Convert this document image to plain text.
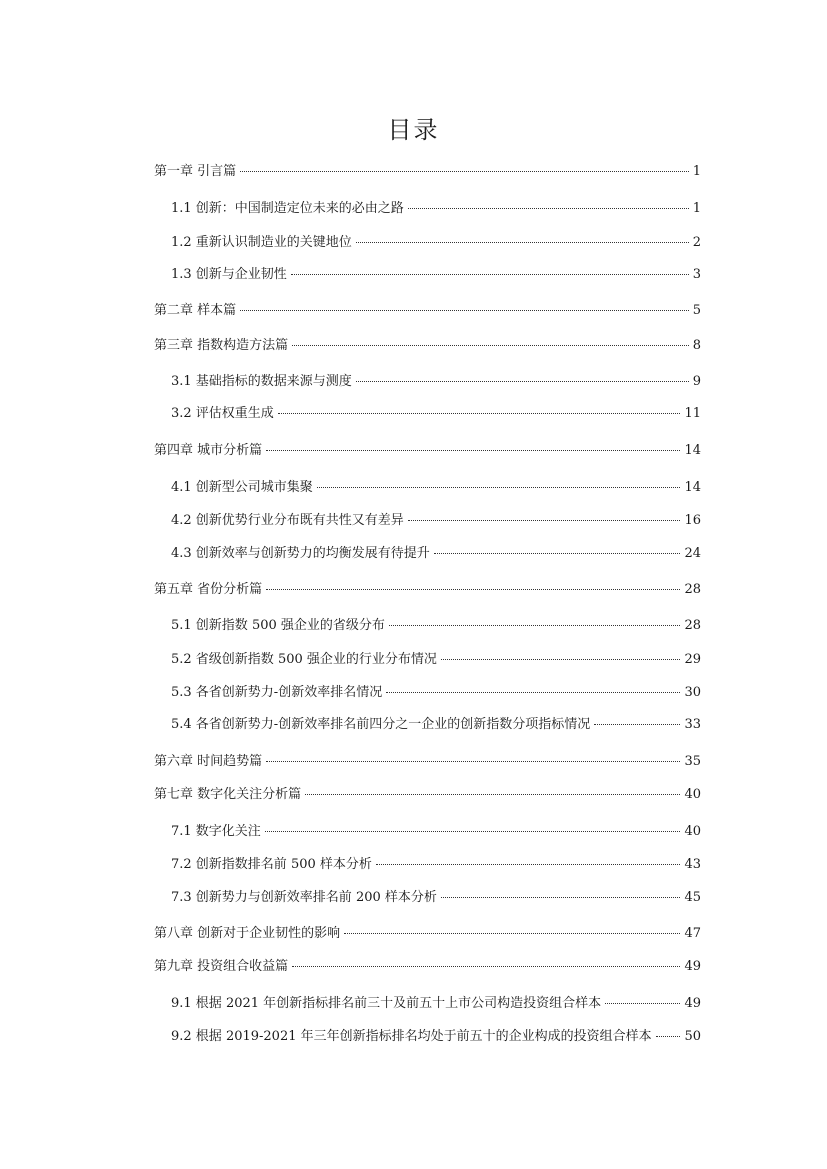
目录
第一章 引言篇	1
1.1 创新：中国制造定位未来的必由之路	1
1.2 重新认识制造业的关键地位	2
1.3 创新与企业韧性	3
第二章 样本篇	5
第三章 指数构造方法篇	8
3.1 基础指标的数据来源与测度	9
3.2 评估权重生成	11
第四章 城市分析篇	14
4.1 创新型公司城市集聚	14
4.2 创新优势行业分布既有共性又有差异	16
4.3 创新效率与创新势力的均衡发展有待提升	24
第五章 省份分析篇	28
5.1 创新指数 500 强企业的省级分布	28
5.2 省级创新指数 500 强企业的行业分布情况	29
5.3 各省创新势力-创新效率排名情况	30
5.4 各省创新势力-创新效率排名前四分之一企业的创新指数分项指标情况	33
第六章 时间趋势篇	35
第七章 数字化关注分析篇	40
7.1 数字化关注	40
7.2 创新指数排名前 500 样本分析	43
7.3 创新势力与创新效率排名前 200 样本分析	45
第八章 创新对于企业韧性的影响	47
第九章 投资组合收益篇	49
9.1 根据 2021 年创新指标排名前三十及前五十上市公司构造投资组合样本	49
9.2 根据 2019-2021 年三年创新指标排名均处于前五十的企业构成的投资组合样本	50
